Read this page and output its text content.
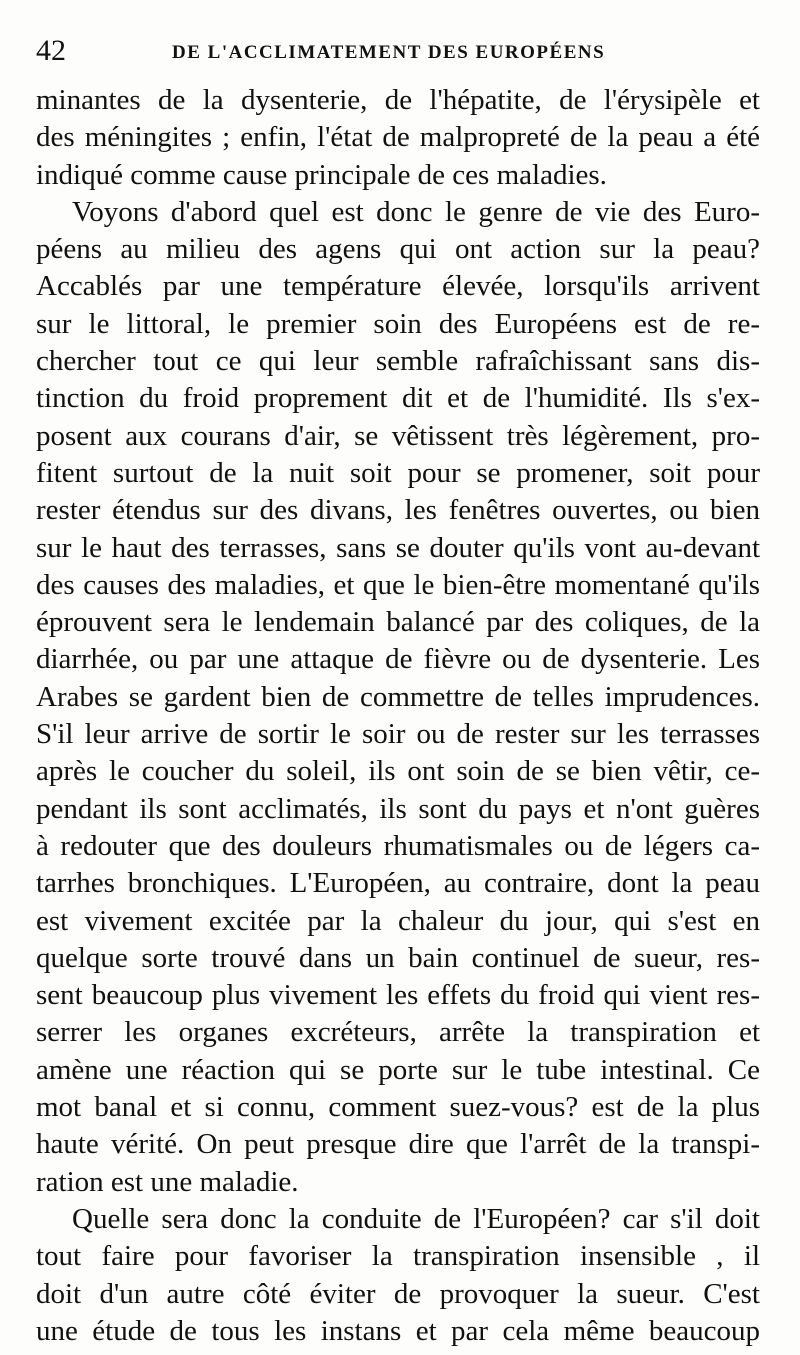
42	DE L'ACCLIMATEMENT DES EUROPÉENS
minantes de la dysenterie, de l'hépatite, de l'érysipèle et
des méningites ; enfin, l'état de malpropreté de la peau a été
indiqué comme cause principale de ces maladies.
Voyons d'abord quel est donc le genre de vie des Euro-
péens au milieu des agens qui ont action sur la peau?
Accablés par une température élevée, lorsqu'ils arrivent
sur le littoral, le premier soin des Européens est de re-
chercher tout ce qui leur semble rafraîchissant sans dis-
tinction du froid proprement dit et de l'humidité. Ils s'ex-
posent aux courans d'air, se vêtissent très légèrement, pro-
fitent surtout de la nuit soit pour se promener, soit pour
rester étendus sur des divans, les fenêtres ouvertes, ou bien
sur le haut des terrasses, sans se douter qu'ils vont au-devant
des causes des maladies, et que le bien-être momentané qu'ils
éprouvent sera le lendemain balancé par des coliques, de la
diarrhée, ou par une attaque de fièvre ou de dysenterie. Les
Arabes se gardent bien de commettre de telles imprudences.
S'il leur arrive de sortir le soir ou de rester sur les terrasses
après le coucher du soleil, ils ont soin de se bien vêtir, ce-
pendant ils sont acclimatés, ils sont du pays et n'ont guères
à redouter que des douleurs rhumatismales ou de légers ca-
tarrhes bronchiques. L'Européen, au contraire, dont la peau
est vivement excitée par la chaleur du jour, qui s'est en
quelque sorte trouvé dans un bain continuel de sueur, res-
sent beaucoup plus vivement les effets du froid qui vient res-
serrer les organes excréteurs, arrête la transpiration et
amène une réaction qui se porte sur le tube intestinal. Ce
mot banal et si connu, comment suez-vous? est de la plus
haute vérité. On peut presque dire que l'arrêt de la transpi-
ration est une maladie.
Quelle sera donc la conduite de l'Européen? car s'il doit
tout faire pour favoriser la transpiration insensible , il
doit d'un autre côté éviter de provoquer la sueur. C'est
une étude de tous les instans et par cela même beaucoup
